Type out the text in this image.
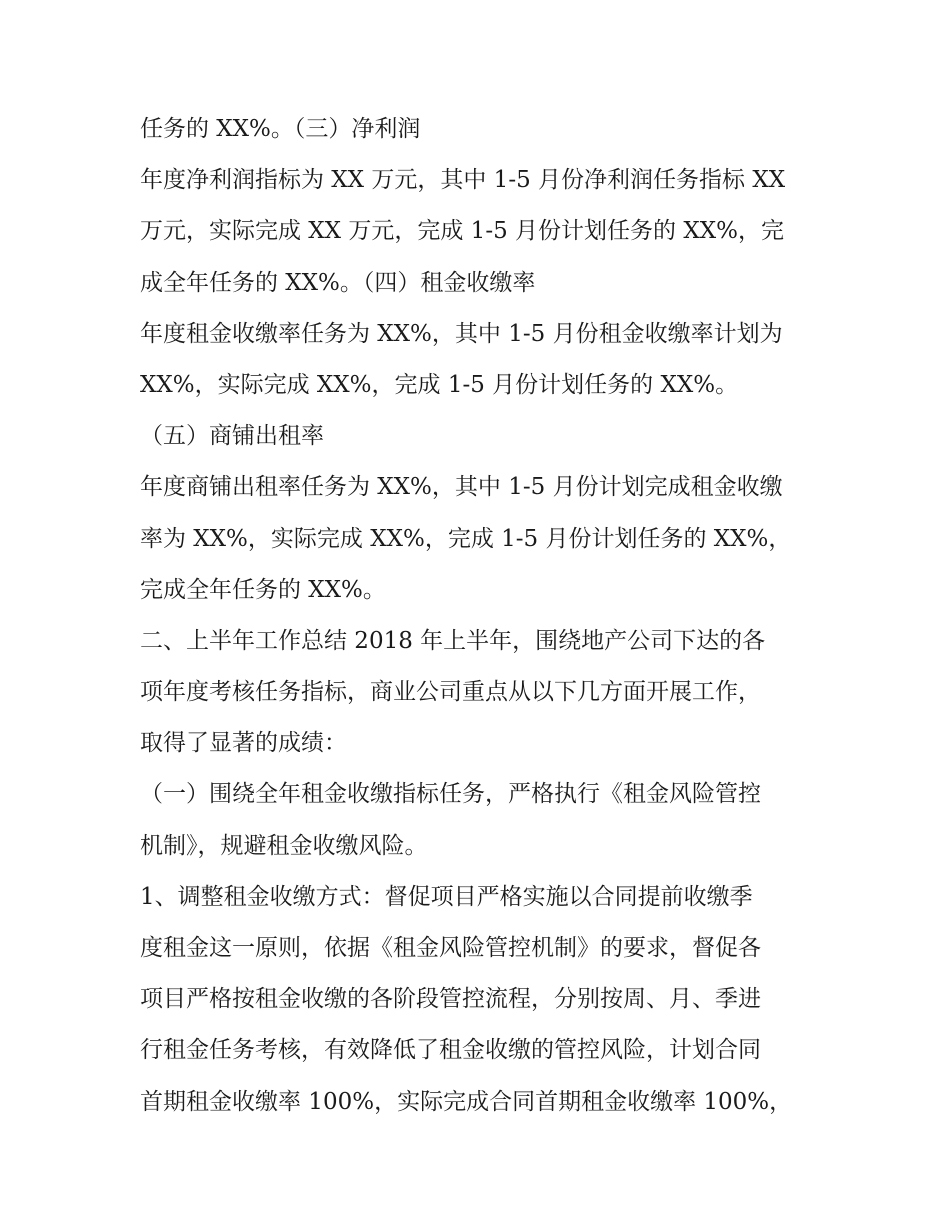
任务的 XX%。（三）净利润
年度净利润指标为 XX 万元，其中 1-5 月份净利润任务指标 XX
万元，实际完成 XX 万元，完成 1-5 月份计划任务的 XX%，完
成全年任务的 XX%。（四）租金收缴率
年度租金收缴率任务为 XX%，其中 1-5 月份租金收缴率计划为
XX%，实际完成 XX%，完成 1-5 月份计划任务的 XX%。
（五）商铺出租率
年度商铺出租率任务为 XX%，其中 1-5 月份计划完成租金收缴
率为 XX%，实际完成 XX%，完成 1-5 月份计划任务的 XX%，
完成全年任务的 XX%。
二、上半年工作总结 2018 年上半年，围绕地产公司下达的各
项年度考核任务指标，商业公司重点从以下几方面开展工作，
取得了显著的成绩：
（一）围绕全年租金收缴指标任务，严格执行《租金风险管控
机制》，规避租金收缴风险。
1、调整租金收缴方式：督促项目严格实施以合同提前收缴季
度租金这一原则，依据《租金风险管控机制》的要求，督促各
项目严格按租金收缴的各阶段管控流程，分别按周、月、季进
行租金任务考核，有效降低了租金收缴的管控风险，计划合同
首期租金收缴率 100%，实际完成合同首期租金收缴率 100%，
